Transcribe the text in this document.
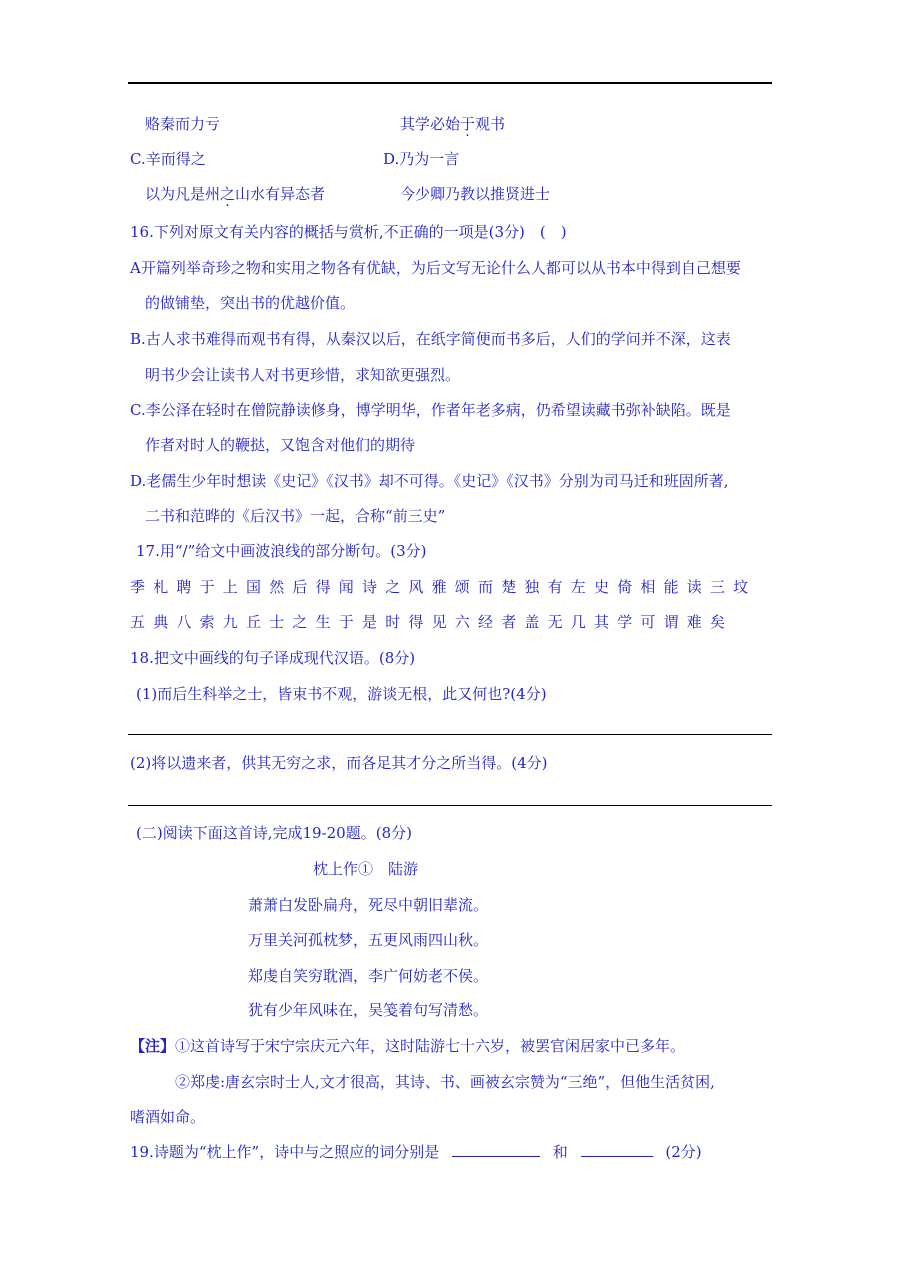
赂秦而力亏	其学必始于观书
C.辛而得之	D.乃为一言
以为凡是州之山水有异态者	今少卿乃教以推贤进士
16.下列对原文有关内容的概括与赏析,不正确的一项是(3分)　(　)
A开篇列举奇珍之物和实用之物各有优缺，为后文写无论什么人都可以从书本中得到自己想要
的做铺垫，突出书的优越价值。
B.古人求书难得而观书有得，从秦汉以后，在纸字简便而书多后，人们的学问并不深，这表
明书少会让读书人对书更珍惜，求知欲更强烈。
C.李公泽在轻时在僧院静读修身，博学明华，作者年老多病，仍希望读藏书弥补缺陷。既是
作者对时人的鞭挞，又饱含对他们的期待
D.老儒生少年时想读《史记》《汉书》却不可得。《史记》《汉书》分别为司马迁和班固所著,
二书和范晔的《后汉书》一起，合称“前三史”
17.用“/”给文中画波浪线的部分断句。(3分)
季札聘于上国然后得闻诗之风雅颂而楚独有左史倚相能读三坟
五典八索九丘士之生于是时得见六经者盖无几其学可谓难矣
18.把文中画线的句子译成现代汉语。(8分)
(1)而后生科举之士，皆束书不观，游谈无根，此又何也?(4分)
(2)将以遗来者，供其无穷之求，而各足其才分之所当得。(4分)
(二)阅读下面这首诗,完成19-20题。(8分)
枕上作①　陆游
萧萧白发卧扁舟，死尽中朝旧辈流。
万里关河孤枕梦，五更风雨四山秋。
郑虔自笑穷耽酒，李广何妨老不侯。
犹有少年风味在，吴笺着句写清愁。
【注】①这首诗写于宋宁宗庆元六年，这时陆游七十六岁，被罢官闲居家中已多年。
②郑虔:唐玄宗时士人,文才很高，其诗、书、画被玄宗赞为“三绝”，但他生活贫困,
嗜酒如命。
19.诗题为“枕上作”，诗中与之照应的词分别是	和	(2分)
